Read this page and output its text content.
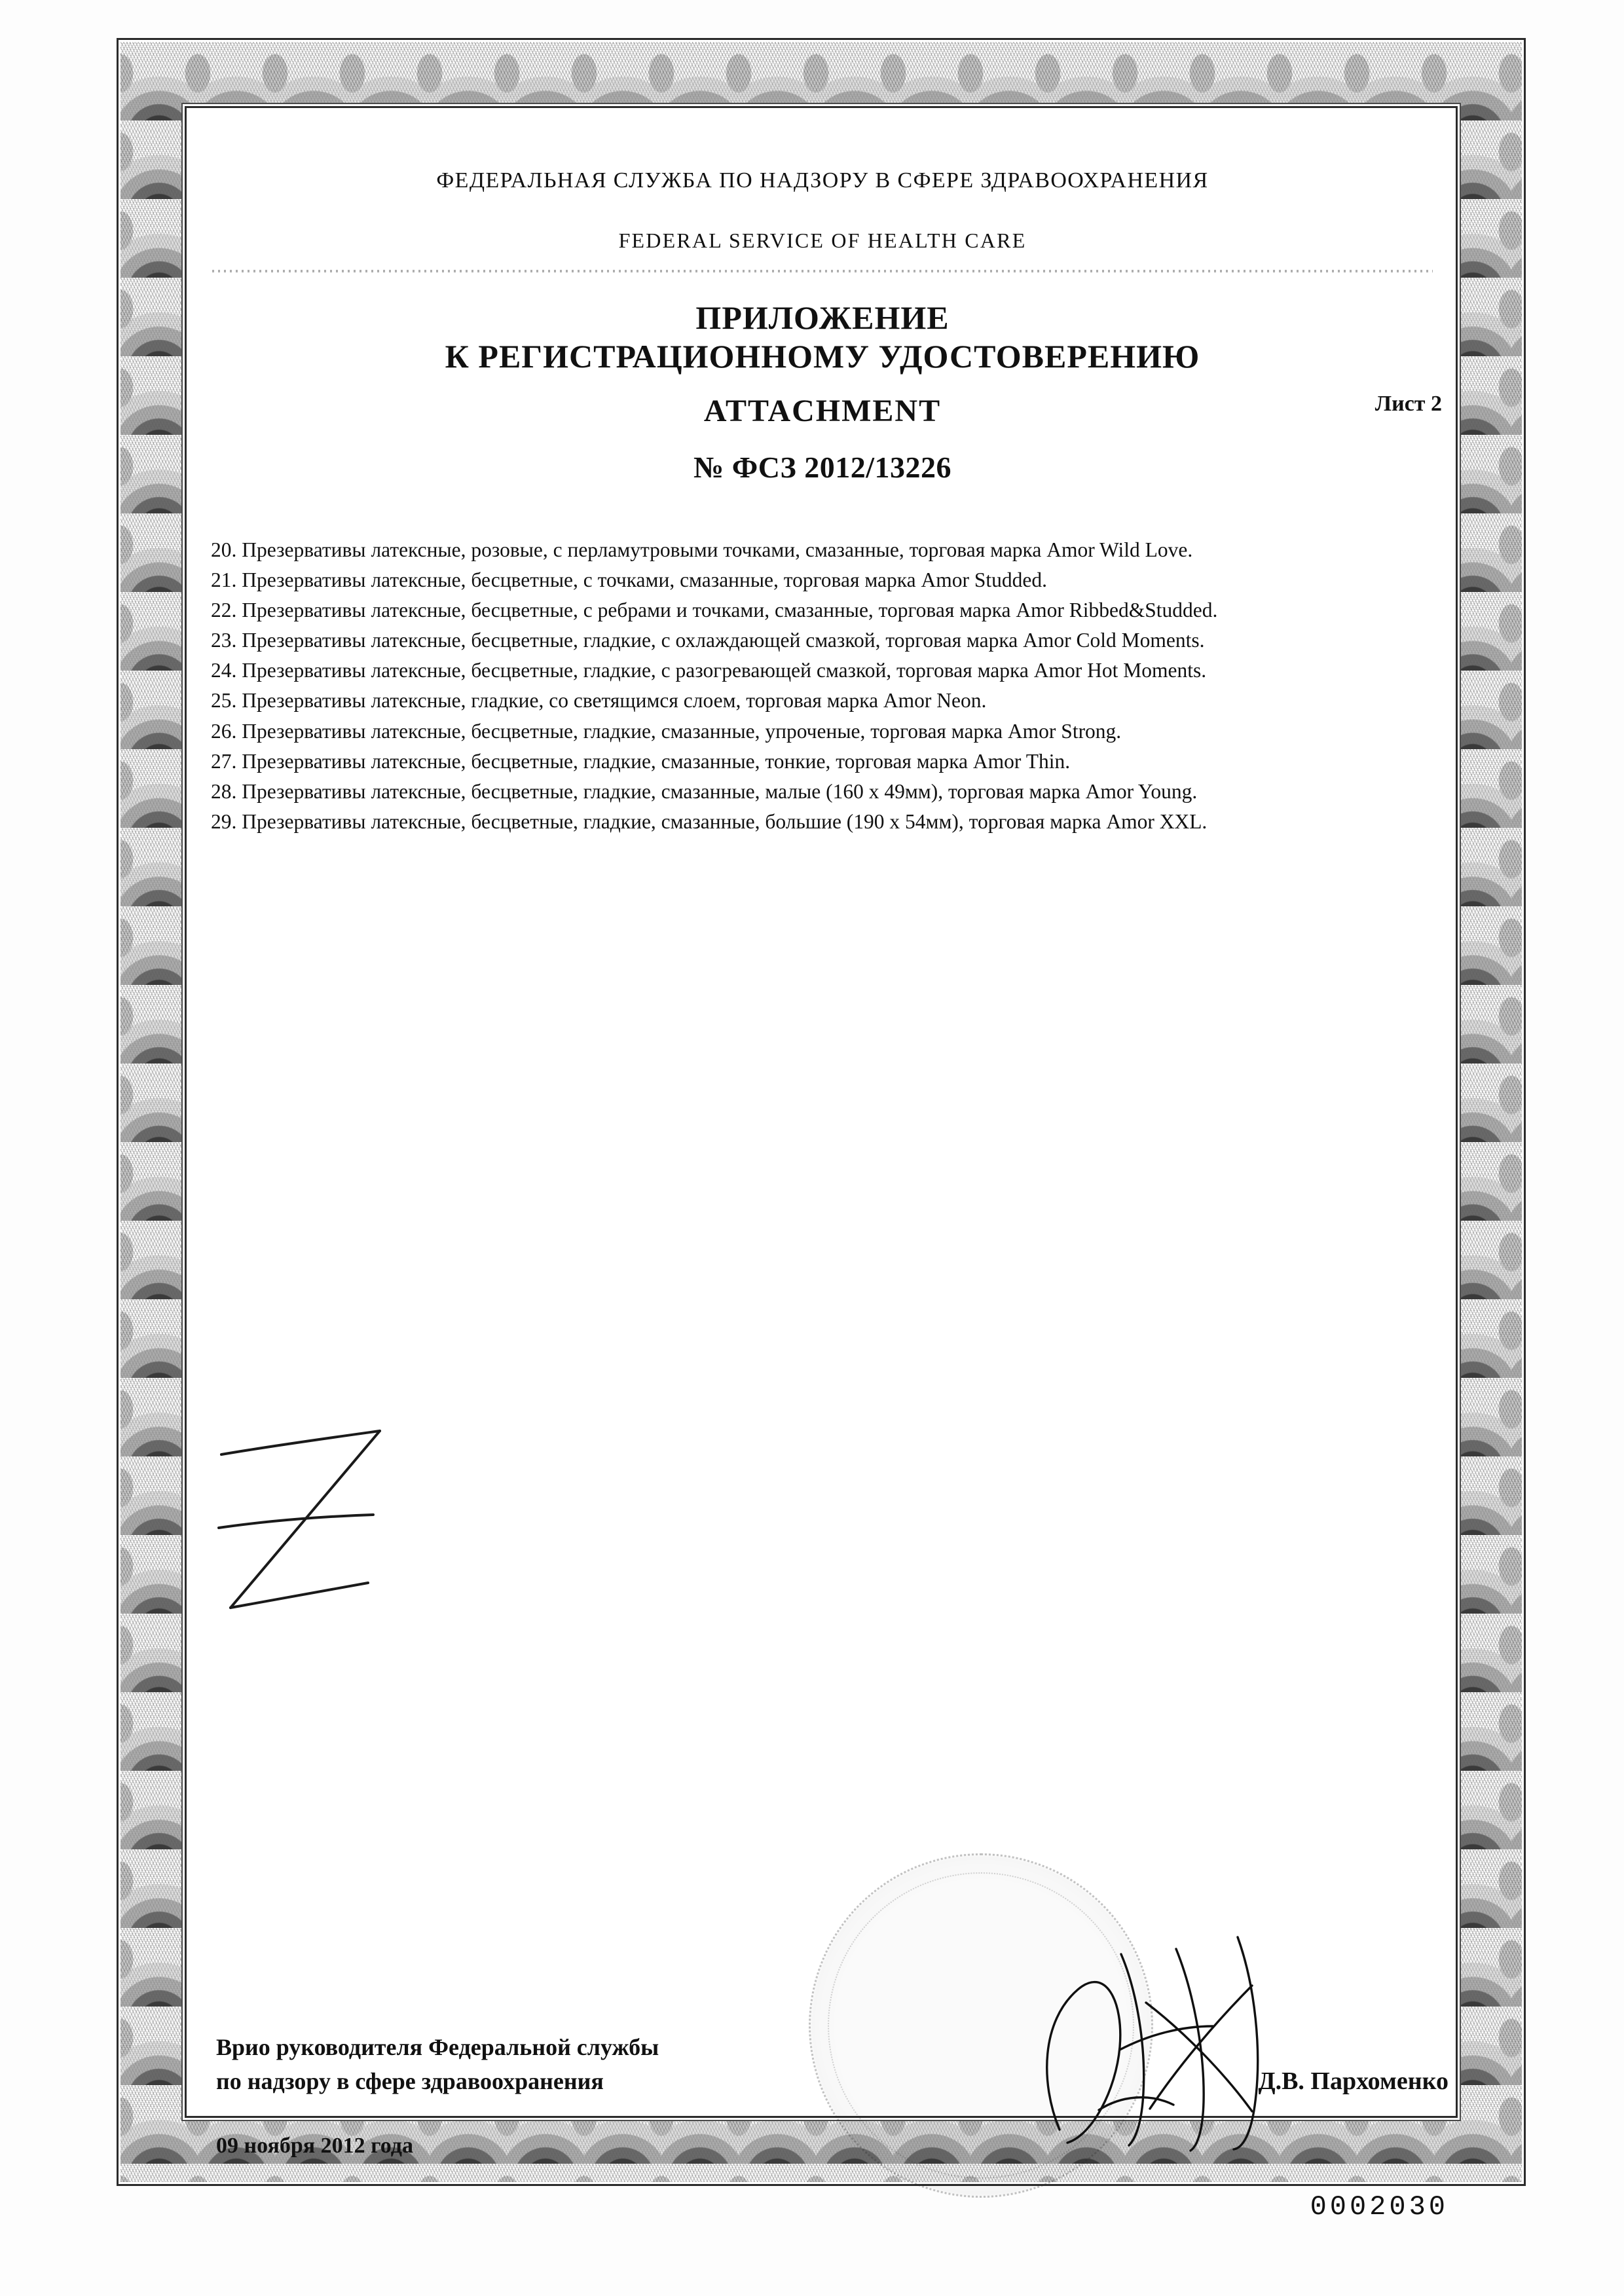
ФЕДЕРАЛЬНАЯ СЛУЖБА ПО НАДЗОРУ В СФЕРЕ ЗДРАВООХРАНЕНИЯ
FEDERAL SERVICE OF HEALTH CARE
ПРИЛОЖЕНИЕ
К РЕГИСТРАЦИОННОМУ УДОСТОВЕРЕНИЮ
ATTACHMENT
№ ФСЗ 2012/13226
Лист 2
20. Презервативы латексные, розовые, с перламутровыми точками, смазанные, торговая марка Amor Wild Love.
21. Презервативы латексные, бесцветные, с точками, смазанные, торговая марка Amor Studded.
22. Презервативы латексные, бесцветные, с ребрами и точками, смазанные, торговая марка Amor Ribbed&Studded.
23. Презервативы латексные, бесцветные, гладкие, с охлаждающей смазкой, торговая марка Amor Cold Moments.
24. Презервативы латексные, бесцветные, гладкие, с разогревающей смазкой, торговая марка Amor Hot Moments.
25. Презервативы латексные, гладкие, со светящимся слоем, торговая марка Amor Neon.
26. Презервативы латексные, бесцветные, гладкие, смазанные, упроченые, торговая марка Amor Strong.
27. Презервативы латексные, бесцветные, гладкие, смазанные, тонкие, торговая марка Amor Thin.
28. Презервативы латексные, бесцветные, гладкие, смазанные, малые (160 х 49мм), торговая марка Amor Young.
29. Презервативы латексные, бесцветные, гладкие, смазанные, большие (190 х 54мм), торговая марка Amor XXL.
Врио руководителя Федеральной службы
по надзору в сфере здравоохранения	Д.В. Пархоменко
09 ноября 2012 года
0002030
